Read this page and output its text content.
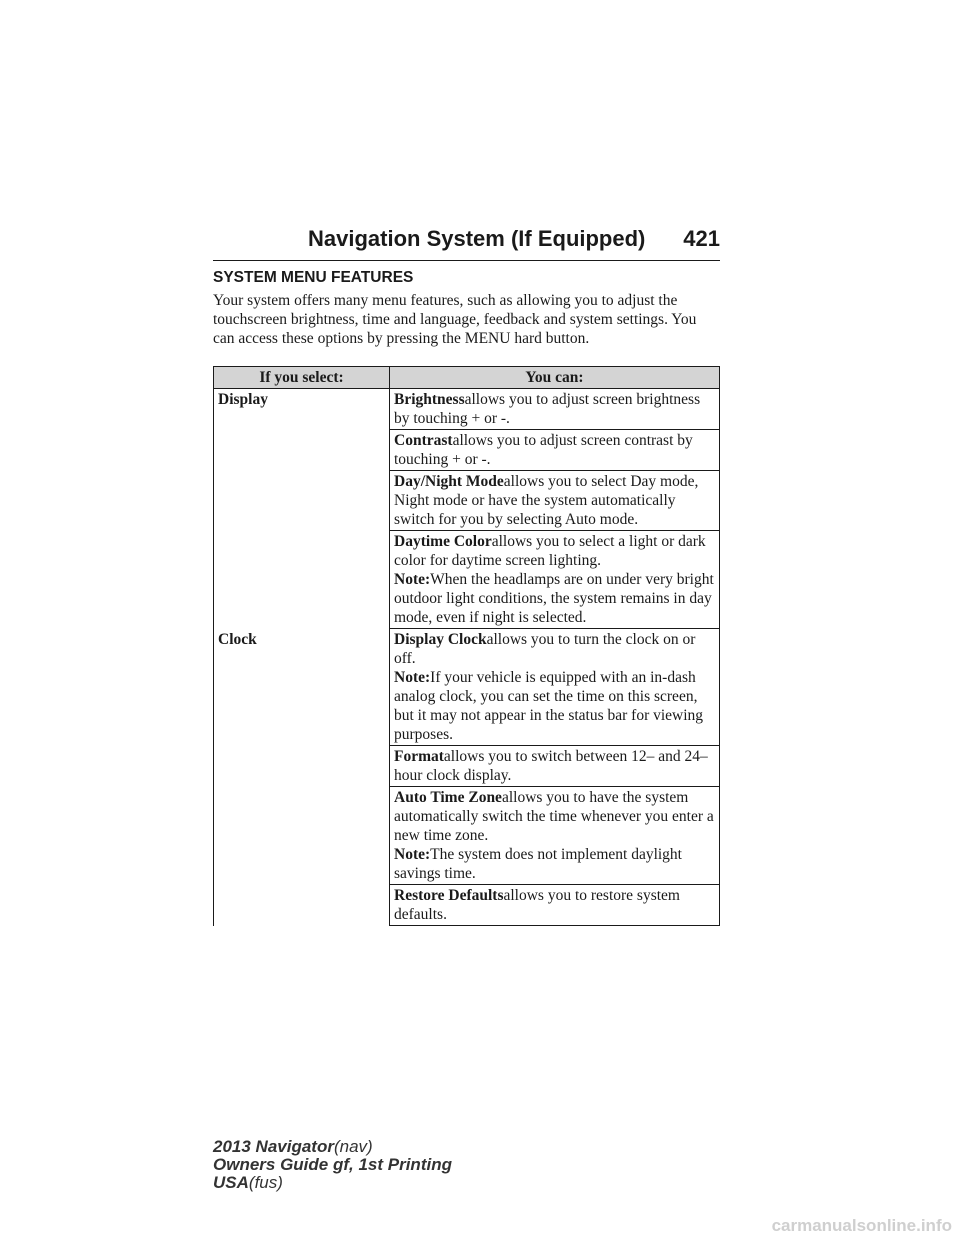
Navigation System (If Equipped) 421
SYSTEM MENU FEATURES

Your system offers many menu features, such as allowing you to adjust the touchscreen brightness, time and language, feedback and system settings. You can access these options by pressing the MENU hard button.

If you select:	You can:
Display	Brightnessallows you to adjust screen brightness by touching + or -.
	Contrastallows you to adjust screen contrast by touching + or -.
	Day/Night Modeallows you to select Day mode, Night mode or have the system automatically switch for you by selecting Auto mode.
	Daytime Colorallows you to select a light or dark color for daytime screen lighting.
Note:When the headlamps are on under very bright outdoor light conditions, the system remains in day mode, even if night is selected.
Clock	Display Clockallows you to turn the clock on or off.
Note:If your vehicle is equipped with an in-dash analog clock, you can set the time on this screen, but it may not appear in the status bar for viewing purposes.
	Formatallows you to switch between 12– and 24–hour clock display.
	Auto Time Zoneallows you to have the system automatically switch the time whenever you enter a new time zone.
Note:The system does not implement daylight savings time.
	Restore Defaultsallows you to restore system defaults.
2013 Navigator(nav)
Owners Guide gf, 1st Printing
USA(fus)
carmanualsonline.info
